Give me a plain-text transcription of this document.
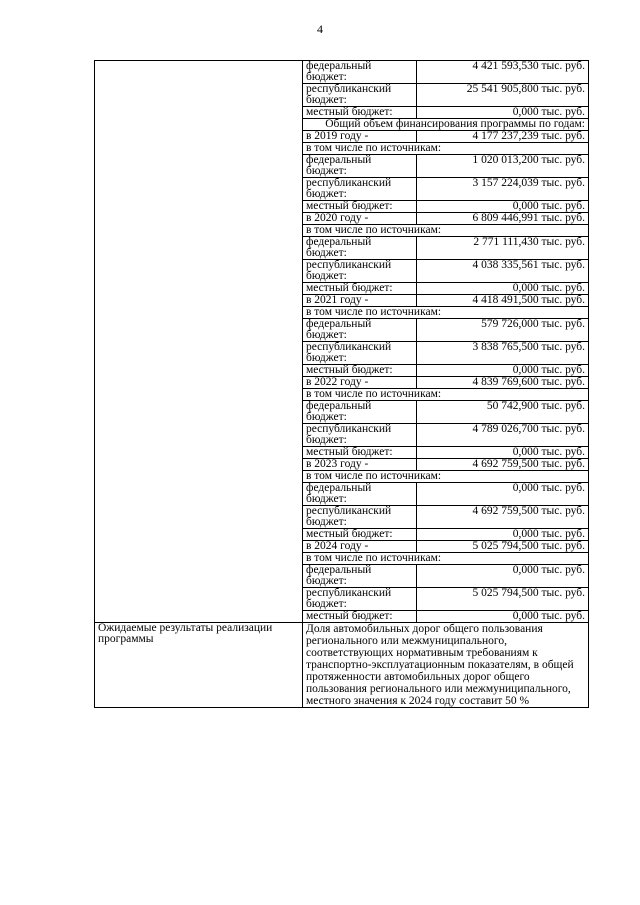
4
	федеральный бюджет:	4 421 593,530 тыс. руб.
	республиканский бюджет:	25 541 905,800 тыс. руб.
	местный бюджет:	0,000 тыс. руб.
	Общий объем финансирования программы по годам:	
	в 2019 году -	4 177 237,239 тыс. руб.
	в том числе по источникам:	
	федеральный бюджет:	1 020 013,200 тыс. руб.
	республиканский бюджет:	3 157 224,039 тыс. руб.
	местный бюджет:	0,000 тыс. руб.
	в 2020 году -	6 809 446,991 тыс. руб.
	в том числе по источникам:	
	федеральный бюджет:	2 771 111,430 тыс. руб.
	республиканский бюджет:	4 038 335,561 тыс. руб.
	местный бюджет:	0,000 тыс. руб.
	в 2021 году -	4 418 491,500 тыс. руб.
	в том числе по источникам:	
	федеральный бюджет:	579 726,000 тыс. руб.
	республиканский бюджет:	3 838 765,500 тыс. руб.
	местный бюджет:	0,000 тыс. руб.
	в 2022 году -	4 839 769,600 тыс. руб.
	в том числе по источникам:	
	федеральный бюджет:	50 742,900 тыс. руб.
	республиканский бюджет:	4 789 026,700 тыс. руб.
	местный бюджет:	0,000 тыс. руб.
	в 2023 году -	4 692 759,500 тыс. руб.
	в том числе по источникам:	
	федеральный бюджет:	0,000 тыс. руб.
	республиканский бюджет:	4 692 759,500 тыс. руб.
	местный бюджет:	0,000 тыс. руб.
	в 2024 году -	5 025 794,500 тыс. руб.
	в том числе по источникам:	
	федеральный бюджет:	0,000 тыс. руб.
	республиканский бюджет:	5 025 794,500 тыс. руб.
	местный бюджет:	0,000 тыс. руб.
Ожидаемые результаты реализации программы	Доля автомобильных дорог общего пользования регионального или межмуниципального, соответствующих нормативным требованиям к транспортно-эксплуатационным показателям, в общей протяженности автомобильных дорог общего пользования регионального или межмуниципального, местного значения к 2024 году составит 50 %	
